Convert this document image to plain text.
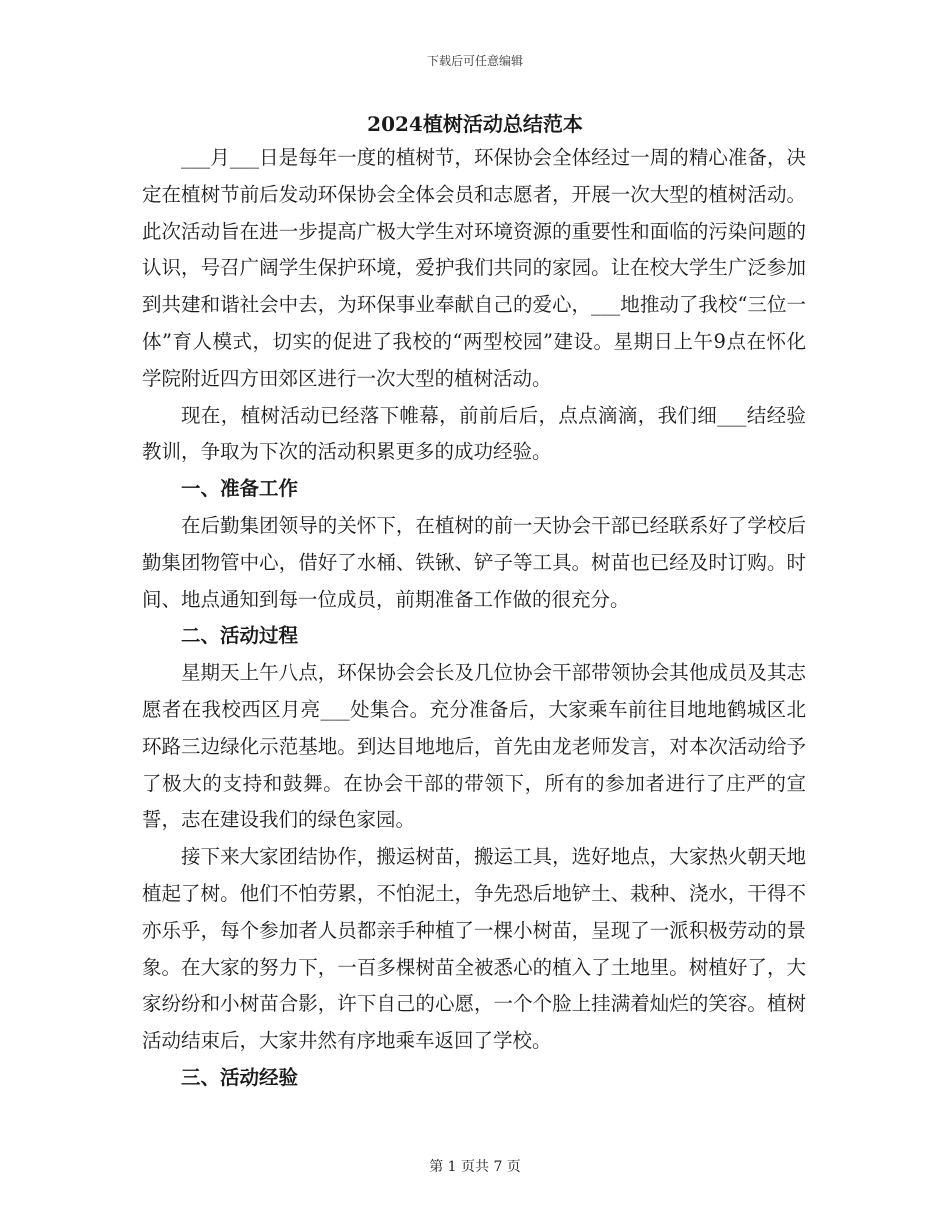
下载后可任意编辑
2024植树活动总结范本

___月___日是每年一度的植树节，环保协会全体经过一周的精心准备，决定在植树节前后发动环保协会全体会员和志愿者，开展一次大型的植树活动。此次活动旨在进一步提高广极大学生对环境资源的重要性和面临的污染问题的认识，号召广阔学生保护环境，爱护我们共同的家园。让在校大学生广泛参加到共建和谐社会中去，为环保事业奉献自己的爱心，___地推动了我校“三位一体”育人模式，切实的促进了我校的“两型校园”建设。星期日上午9点在怀化学院附近四方田郊区进行一次大型的植树活动。

现在，植树活动已经落下帷幕，前前后后，点点滴滴，我们细___结经验教训，争取为下次的活动积累更多的成功经验。

一、准备工作

在后勤集团领导的关怀下，在植树的前一天协会干部已经联系好了学校后勤集团物管中心，借好了水桶、铁锹、铲子等工具。树苗也已经及时订购。时间、地点通知到每一位成员，前期准备工作做的很充分。

二、活动过程

星期天上午八点，环保协会会长及几位协会干部带领协会其他成员及其志愿者在我校西区月亮___处集合。充分准备后，大家乘车前往目地地鹤城区北环路三边绿化示范基地。到达目地地后，首先由龙老师发言，对本次活动给予了极大的支持和鼓舞。在协会干部的带领下，所有的参加者进行了庄严的宣誓，志在建设我们的绿色家园。

接下来大家团结协作，搬运树苗，搬运工具，选好地点，大家热火朝天地植起了树。他们不怕劳累，不怕泥土，争先恐后地铲土、栽种、浇水，干得不亦乐乎，每个参加者人员都亲手种植了一棵小树苗，呈现了一派积极劳动的景象。在大家的努力下，一百多棵树苗全被悉心的植入了土地里。树植好了，大家纷纷和小树苗合影，许下自己的心愿，一个个脸上挂满着灿烂的笑容。植树活动结束后，大家井然有序地乘车返回了学校。

三、活动经验

第 1 页共 7 页
